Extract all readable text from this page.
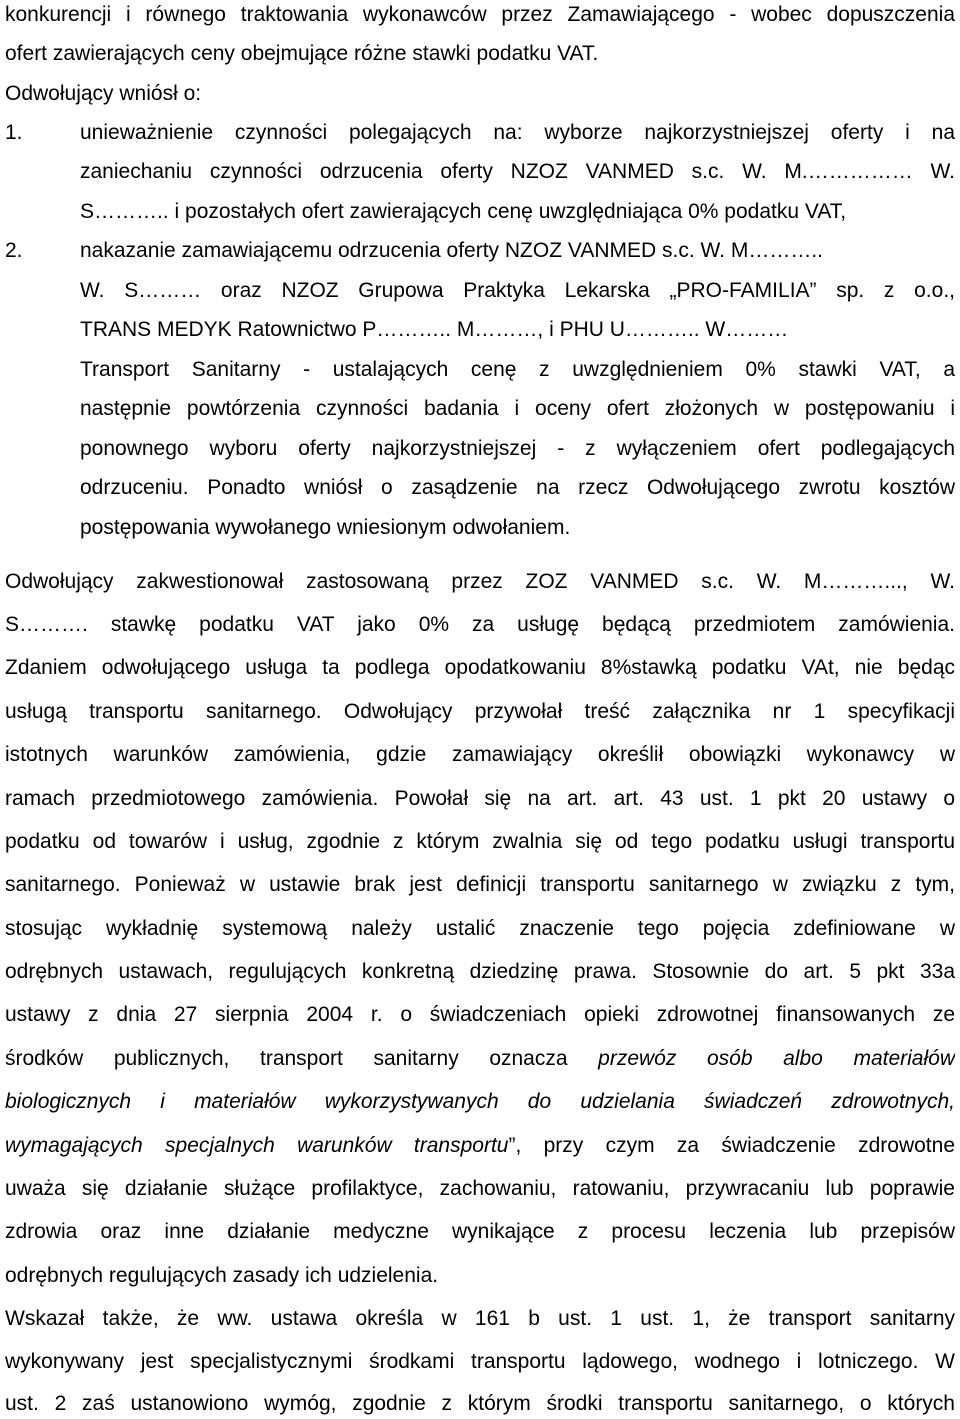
konkurencji i równego traktowania wykonawców przez Zamawiającego - wobec dopuszczenia
ofert zawierających ceny obejmujące różne stawki podatku VAT.
Odwołujący wniósł o:
1.	unieważnienie czynności polegających na: wyborze najkorzystniejszej oferty i na
zaniechaniu czynności odrzucenia oferty NZOZ VANMED s.c. W. M.…………… W.
S……….. i pozostałych ofert zawierających cenę uwzględniająca 0% podatku VAT,
2.	nakazanie zamawiającemu odrzucenia oferty NZOZ VANMED s.c. W. M………..
W. S……… oraz NZOZ Grupowa Praktyka Lekarska „PRO-FAMILIA” sp. z o.o.,
TRANS MEDYK Ratownictwo P……….. M………, i PHU U……….. W………
Transport Sanitarny - ustalających cenę z uwzględnieniem 0% stawki VAT, a
następnie powtórzenia czynności badania i oceny ofert złożonych w postępowaniu i
ponownego wyboru oferty najkorzystniejszej - z wyłączeniem ofert podlegających
odrzuceniu. Ponadto wniósł o zasądzenie na rzecz Odwołującego zwrotu kosztów
postępowania wywołanego wniesionym odwołaniem.
Odwołujący zakwestionował zastosowaną przez ZOZ VANMED s.c. W. M………..., W.
S………. stawkę podatku VAT jako 0% za usługę będącą przedmiotem zamówienia.
Zdaniem odwołującego usługa ta podlega opodatkowaniu 8%stawką podatku VAt, nie będąc
usługą transportu sanitarnego. Odwołujący przywołał treść załącznika nr 1 specyfikacji
istotnych warunków zamówienia, gdzie zamawiający określił obowiązki wykonawcy w
ramach przedmiotowego zamówienia. Powołał się na art. art. 43 ust. 1 pkt 20 ustawy o
podatku od towarów i usług, zgodnie z którym zwalnia się od tego podatku usługi transportu
sanitarnego. Ponieważ w ustawie brak jest definicji transportu sanitarnego w związku z tym,
stosując wykładnię systemową należy ustalić znaczenie tego pojęcia zdefiniowane w
odrębnych ustawach, regulujących konkretną dziedzinę prawa. Stosownie do art. 5 pkt 33a
ustawy z dnia 27 sierpnia 2004 r. o świadczeniach opieki zdrowotnej finansowanych ze
środków publicznych, transport sanitarny oznacza przewóz osób albo materiałów
biologicznych i materiałów wykorzystywanych do udzielania świadczeń zdrowotnych,
wymagających specjalnych warunków transportu”, przy czym za świadczenie zdrowotne
uważa się działanie służące profilaktyce, zachowaniu, ratowaniu, przywracaniu lub poprawie
zdrowia oraz inne działanie medyczne wynikające z procesu leczenia lub przepisów
odrębnych regulujących zasady ich udzielenia.
Wskazał także, że ww. ustawa określa w 161 b ust. 1 ust. 1, że transport sanitarny
wykonywany jest specjalistycznymi środkami transportu lądowego, wodnego i lotniczego. W
ust. 2 zaś ustanowiono wymóg, zgodnie z którym środki transportu sanitarnego, o których
